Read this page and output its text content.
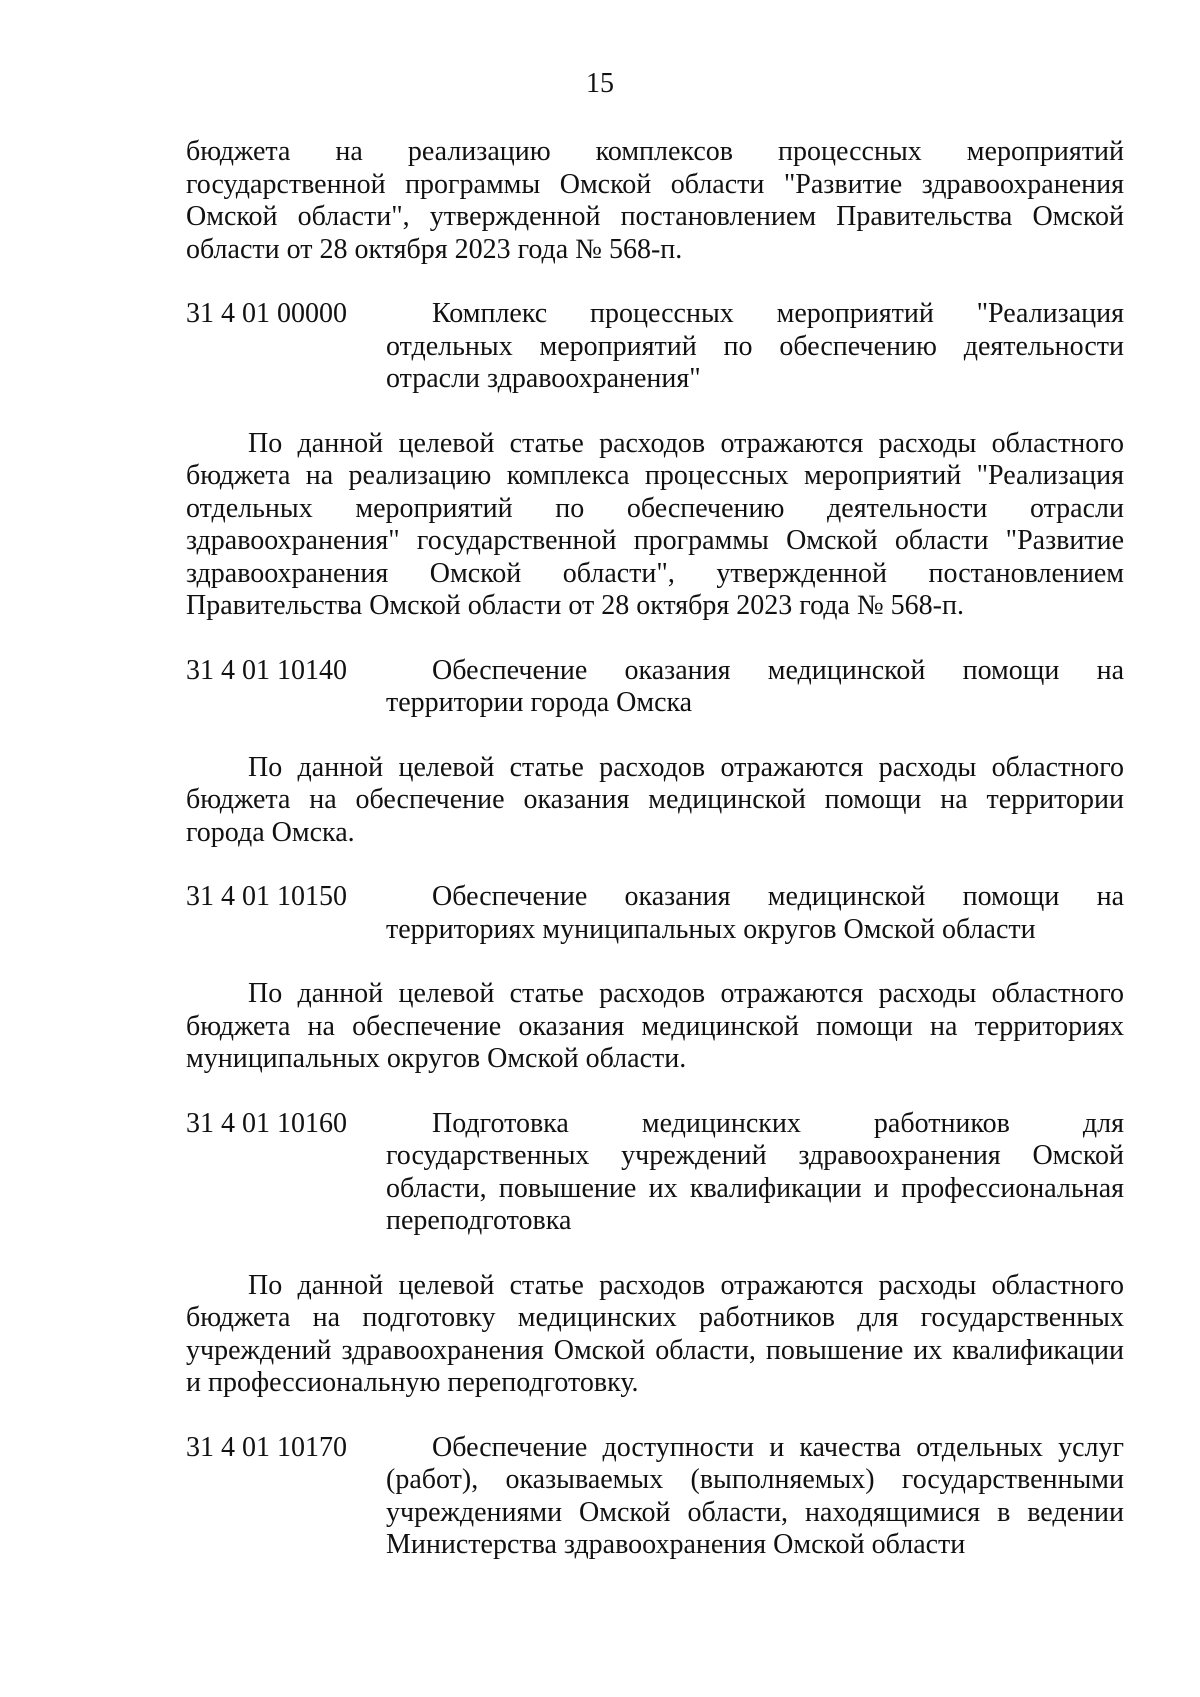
15

бюджета на реализацию комплексов процессных мероприятий государственной программы Омской области "Развитие здравоохранения Омской области", утвержденной постановлением Правительства Омской области от 28 октября 2023 года № 568-п.

31 4 01 00000	Комплекс процессных мероприятий "Реализация отдельных мероприятий по обеспечению деятельности отрасли здравоохранения"

По данной целевой статье расходов отражаются расходы областного бюджета на реализацию комплекса процессных мероприятий "Реализация отдельных мероприятий по обеспечению деятельности отрасли здравоохранения" государственной программы Омской области "Развитие здравоохранения Омской области", утвержденной постановлением Правительства Омской области от 28 октября 2023 года № 568-п.

31 4 01 10140	Обеспечение оказания медицинской помощи на территории города Омска

По данной целевой статье расходов отражаются расходы областного бюджета на обеспечение оказания медицинской помощи на территории города Омска.

31 4 01 10150	Обеспечение оказания медицинской помощи на территориях муниципальных округов Омской области

По данной целевой статье расходов отражаются расходы областного бюджета на обеспечение оказания медицинской помощи на территориях муниципальных округов Омской области.

31 4 01 10160	Подготовка медицинских работников для государственных учреждений здравоохранения Омской области, повышение их квалификации и профессиональная переподготовка

По данной целевой статье расходов отражаются расходы областного бюджета на подготовку медицинских работников для государственных учреждений здравоохранения Омской области, повышение их квалификации и профессиональную переподготовку.

31 4 01 10170	Обеспечение доступности и качества отдельных услуг (работ), оказываемых (выполняемых) государственными учреждениями Омской области, находящимися в ведении Министерства здравоохранения Омской области
